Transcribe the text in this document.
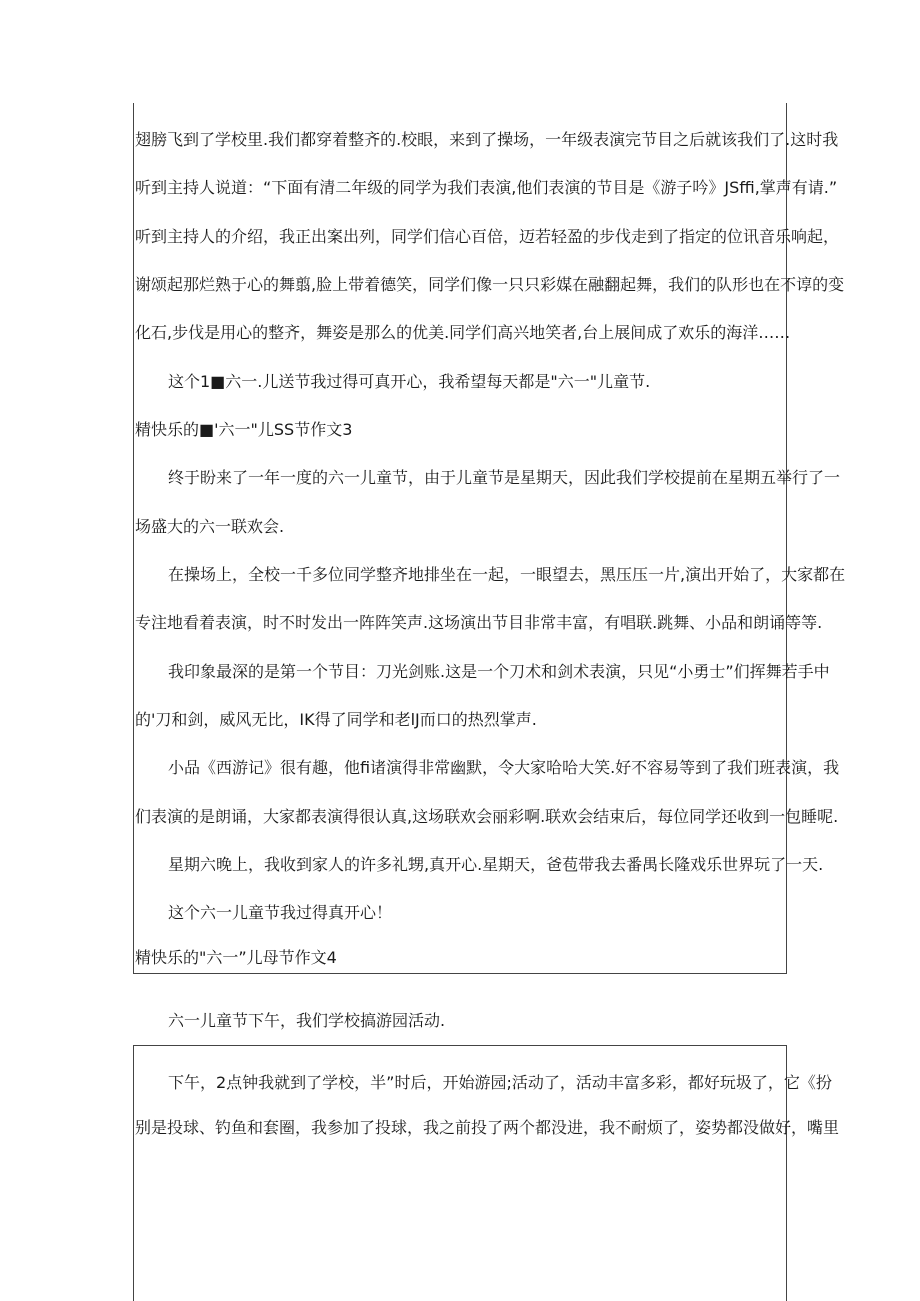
翅膀飞到了学校里.我们都穿着整齐的.校眼，来到了操场，一年级表演完节目之后就该我们了.这时我
听到主持人说道：“下面有清二年级的同学为我们表演,他们表演的节目是《游子吟》JSffi,掌声有请.”
听到主持人的介绍，我正出案出列，同学们信心百倍，迈若轻盈的步伐走到了指定的位讯音乐响起，
谢颂起那烂熟于心的舞翦,脸上带着德笑，同学们像一只只彩媒在融翻起舞，我们的队形也在不谆的变
化石,步伐是用心的整齐，舞姿是那么的优美.同学们高兴地笑者,台上展间成了欢乐的海洋……
这个1■六一.儿送节我过得可真开心，我希望每天都是"六一"儿童节.
精快乐的■'六一"儿SS节作文3
终于盼来了一年一度的六一儿童节，由于儿童节是星期天，因此我们学校提前在星期五举行了一
场盛大的六一联欢会.
在操场上，全校一千多位同学整齐地排坐在一起，一眼望去，黑压压一片,演出开始了，大家都在
专注地看着表演，时不时发出一阵阵笑声.这场演出节目非常丰富，有唱联.跳舞、小品和朗诵等等.
我印象最深的是第一个节目：刀光剑账.这是一个刀术和剑术表演，只见“小勇士”们挥舞若手中
的'刀和剑，威风无比，IK得了同学和老lJ而口的热烈掌声.
小品《西游记》很有趣，他fi诸演得非常幽默，令大家哈哈大笑.好不容易等到了我们班表演，我
们表演的是朗诵，大家都表演得很认真,这场联欢会丽彩啊.联欢会结束后，每位同学还收到一包睡呢.
星期六晚上，我收到家人的许多礼甥,真开心.星期天，爸苞带我去番禺长隆戏乐世界玩了一天.
这个六一儿童节我过得真开心！
精快乐的"六一”儿母节作文4
六一儿童节下午，我们学校搞游园活动.
下午，2点钟我就到了学校，半”时后，开始游园;活动了，活动丰富多彩，都好玩圾了，它《扮
别是投球、钓鱼和套圈，我参加了投球，我之前投了两个都没进，我不耐烦了，姿势都没做好，嘴里
